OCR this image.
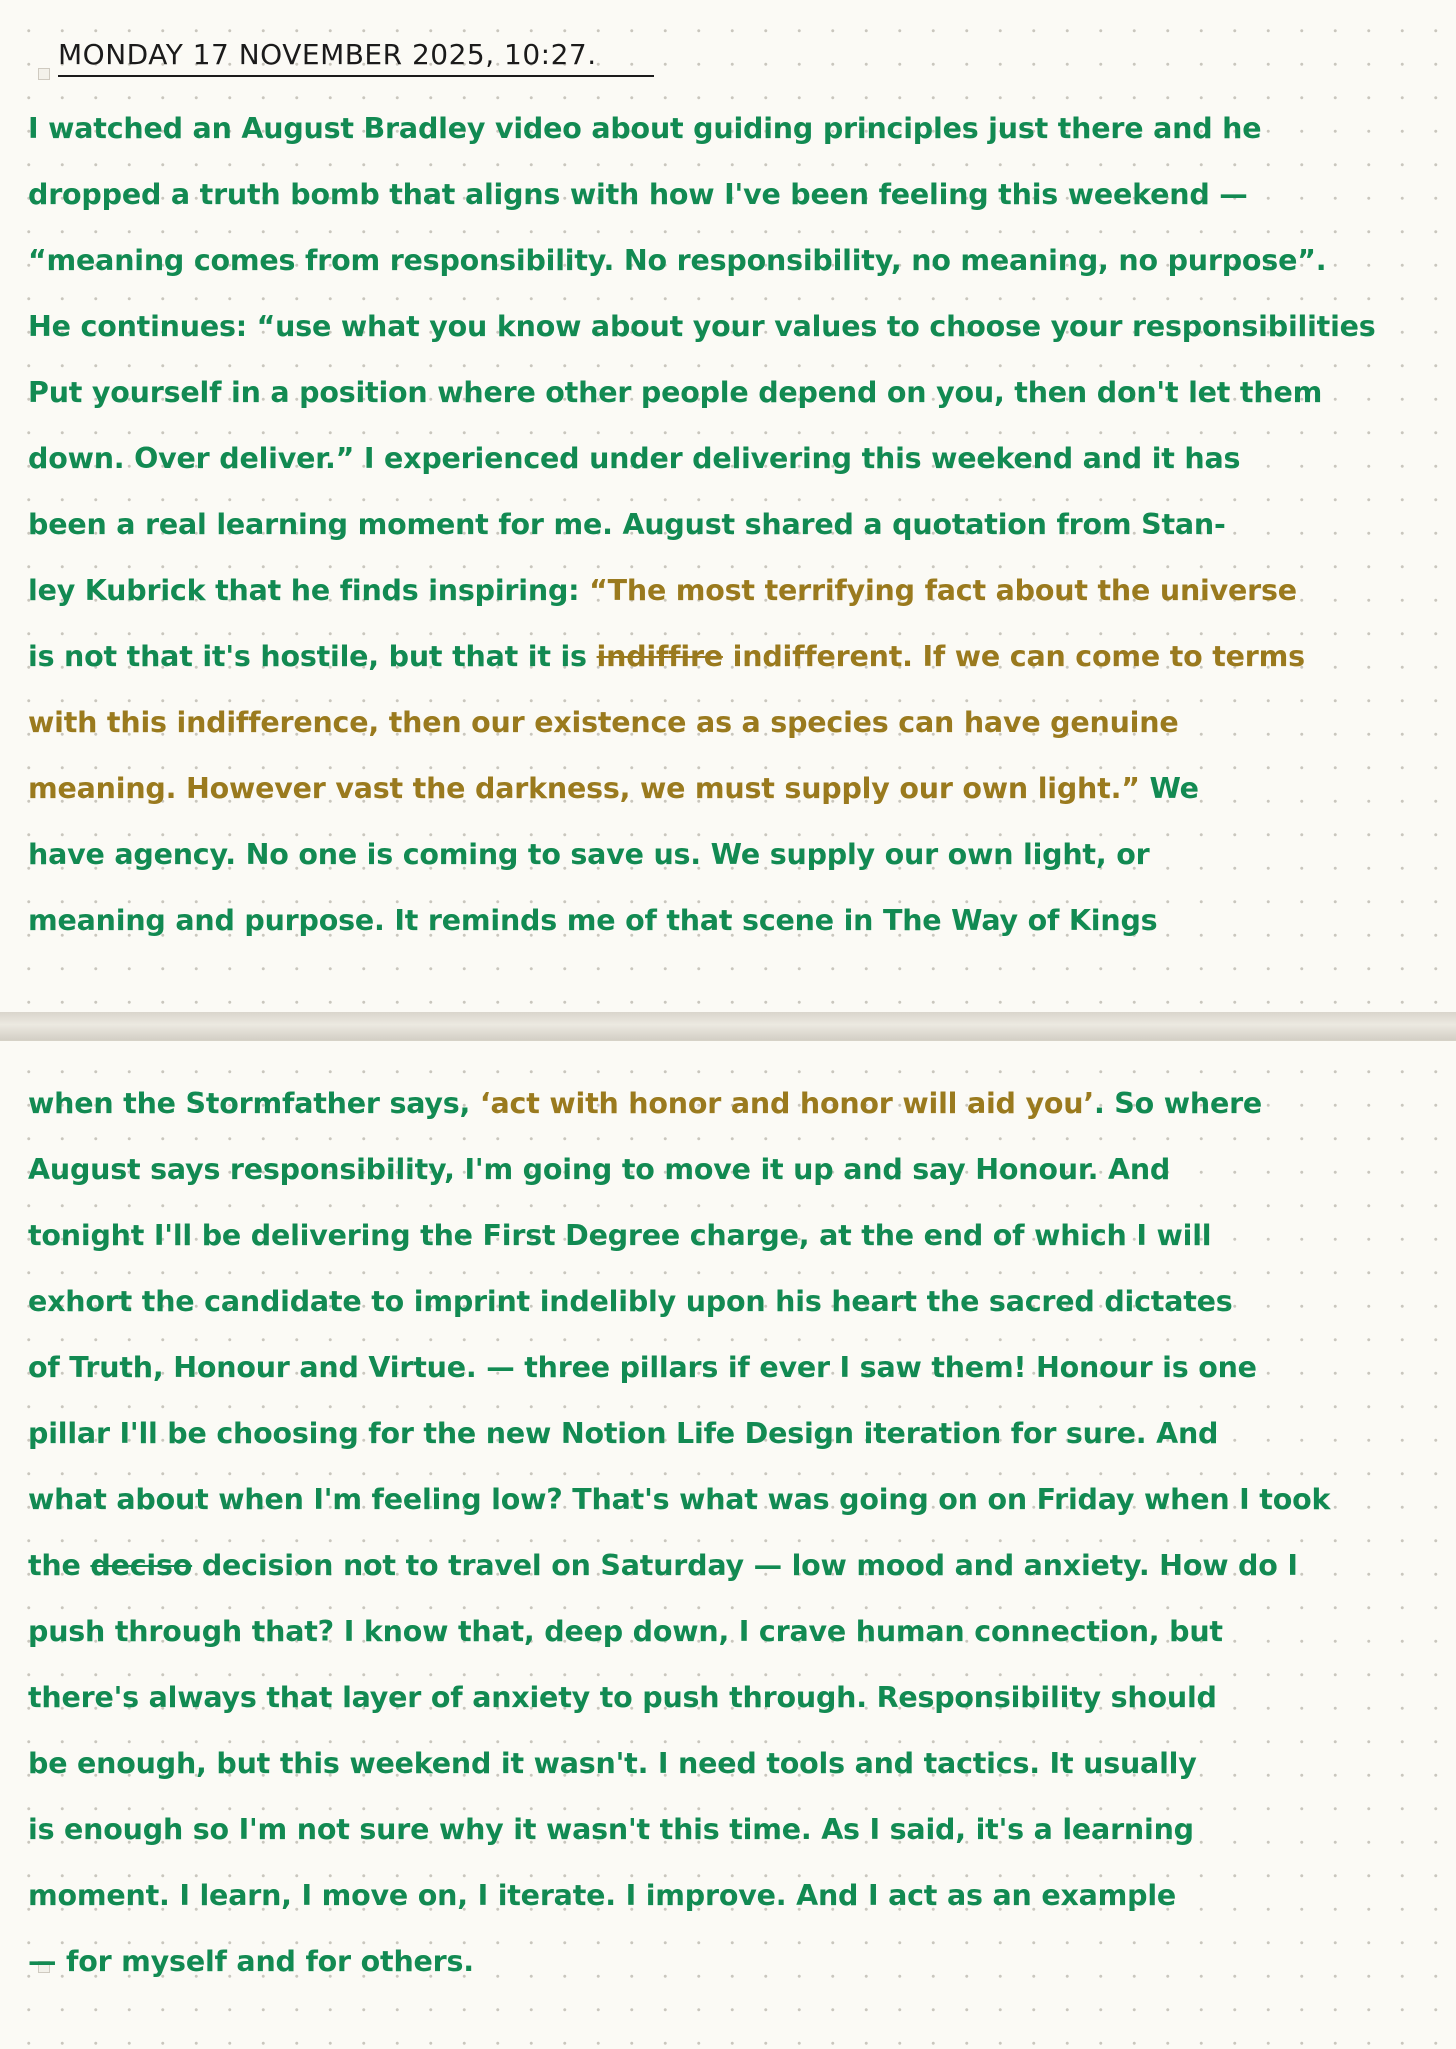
MONDAY 17 NOVEMBER 2025, 10:27.
I watched an August Bradley video about guiding principles just there and he
dropped a truth bomb that aligns with how I've been feeling this weekend —
“meaning comes from responsibility. No responsibility, no meaning, no purpose”.
He continues: “use what you know about your values to choose your responsibilities
Put yourself in a position where other people depend on you, then don't let them
down. Over deliver.” I experienced under delivering this weekend and it has
been a real learning moment for me. August shared a quotation from Stan-
ley Kubrick that he finds inspiring: “The most terrifying fact about the universe
is not that it's hostile, but that it is indiffire indifferent. If we can come to terms
with this indifference, then our existence as a species can have genuine
meaning. However vast the darkness, we must supply our own light.” We
have agency. No one is coming to save us. We supply our own light, or
meaning and purpose. It reminds me of that scene in The Way of Kings
when the Stormfather says, ‘act with honor and honor will aid you’. So where
August says responsibility, I'm going to move it up and say Honour. And
tonight I'll be delivering the First Degree charge, at the end of which I will
exhort the candidate to imprint indelibly upon his heart the sacred dictates
of Truth, Honour and Virtue. — three pillars if ever I saw them! Honour is one
pillar I'll be choosing for the new Notion Life Design iteration for sure. And
what about when I'm feeling low? That's what was going on on Friday when I took
the deciso decision not to travel on Saturday — low mood and anxiety. How do I
push through that? I know that, deep down, I crave human connection, but
there's always that layer of anxiety to push through. Responsibility should
be enough, but this weekend it wasn't. I need tools and tactics. It usually
is enough so I'm not sure why it wasn't this time. As I said, it's a learning
moment. I learn, I move on, I iterate. I improve. And I act as an example
— for myself and for others.
